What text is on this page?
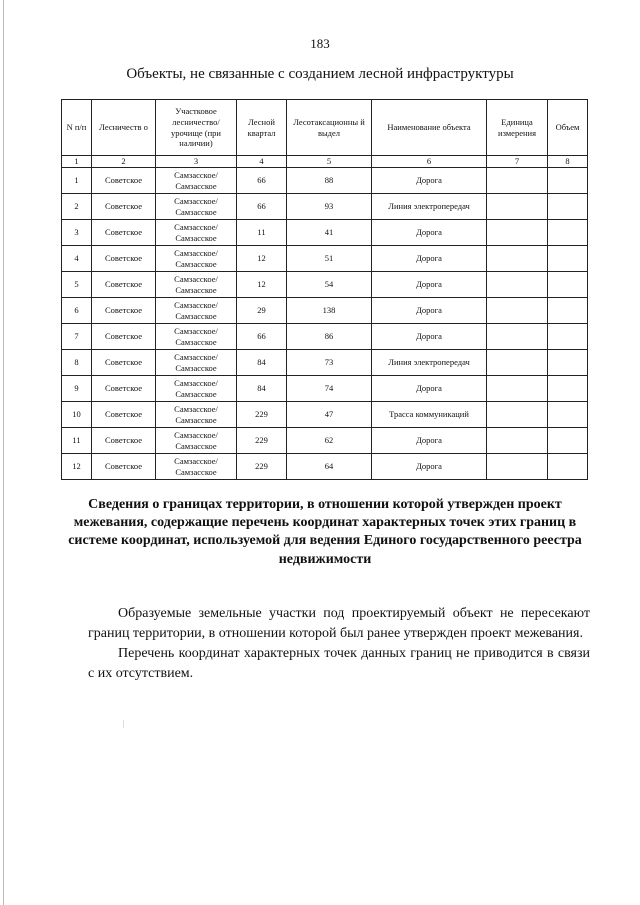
183
Объекты, не связанные с созданием лесной инфраструктуры
N п/п	Лесничеств о	Участковое лесничество/ урочище (при наличии)	Лесной квартал	Лесотаксационны й выдел	Наименование объекта	Единица измерения	Объем
1	2	3	4	5	6	7	8
1	Советское	Самзасское/ Самзасское	66	88	Дорога		
2	Советское	Самзасское/ Самзасское	66	93	Линия электропередач		
3	Советское	Самзасское/ Самзасское	11	41	Дорога		
4	Советское	Самзасское/ Самзасское	12	51	Дорога		
5	Советское	Самзасское/ Самзасское	12	54	Дорога		
6	Советское	Самзасское/ Самзасское	29	138	Дорога		
7	Советское	Самзасское/ Самзасское	66	86	Дорога		
8	Советское	Самзасское/ Самзасское	84	73	Линия электропередач		
9	Советское	Самзасское/ Самзасское	84	74	Дорога		
10	Советское	Самзасское/ Самзасское	229	47	Трасса коммуникаций		
11	Советское	Самзасское/ Самзасское	229	62	Дорога		
12	Советское	Самзасское/ Самзасское	229	64	Дорога		
Сведения о границах территории, в отношении которой утвержден проект межевания, содержащие перечень координат характерных точек этих границ в системе координат, используемой для ведения Единого государственного реестра недвижимости
Образуемые земельные участки под проектируемый объект не пересекают границ территории, в отношении которой был ранее утвержден проект межевания.
Перечень координат характерных точек данных границ не приводится в связи с их отсутствием.
